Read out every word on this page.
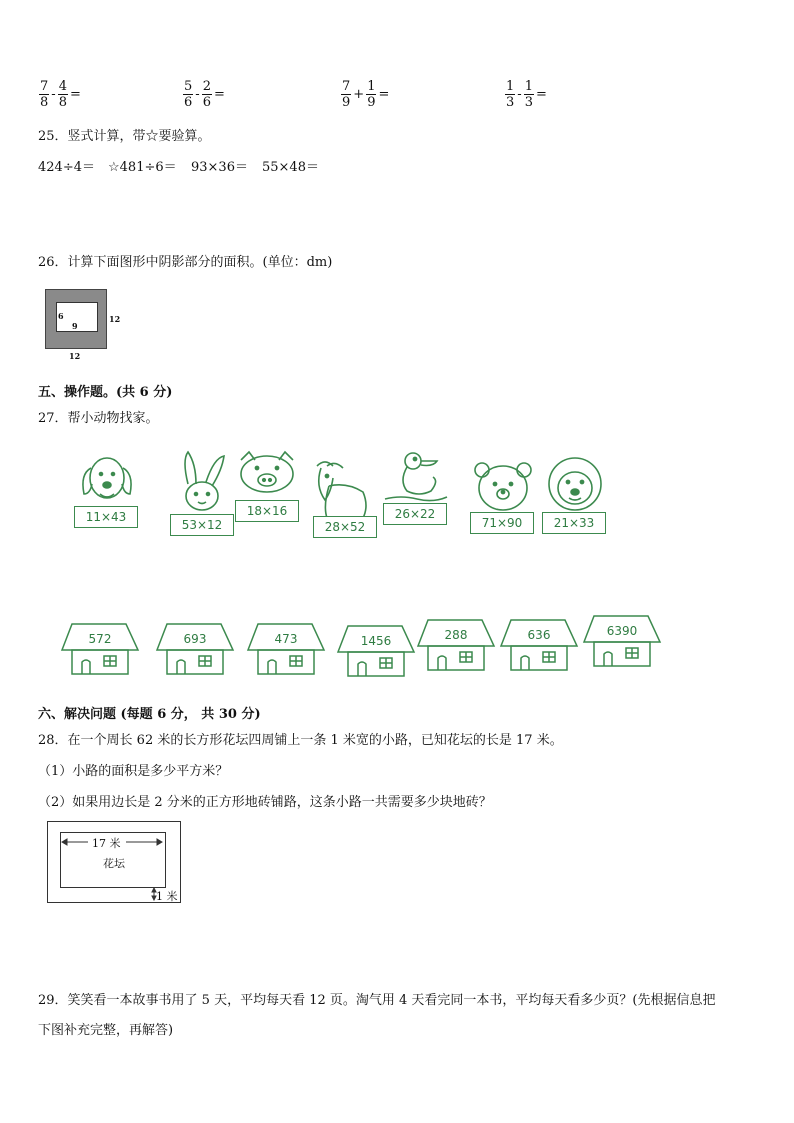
$\frac{7}{8} - \frac{4}{8}$ =	$\frac{5}{6} - \frac{2}{6}$ =	$\frac{7}{9} + \frac{1}{9}$ =	$\frac{1}{3} - \frac{1}{3}$ =
25．竖式计算，带☆要验算。
424÷4＝ ☆481÷6＝ 93×36＝ 55×48＝
26．计算下面图形中阴影部分的面积。(单位：dm)
6
9
12
12
五、操作题。(共 6 分)
27．帮小动物找家。
11×43
53×12
18×16
28×52
26×22
71×90	21×33
572	693	473	1456	288	636	6390
六、解决问题 (每题 6 分， 共 30 分)
28．在一个周长 62 米的长方形花坛四周铺上一条 1 米宽的小路，已知花坛的长是 17 米。
（1）小路的面积是多少平方米？
（2）如果用边长是 2 分米的正方形地砖铺路，这条小路一共需要多少块地砖？
17 米
花坛
1 米
29．笑笑看一本故事书用了 5 天，平均每天看 12 页。淘气用 4 天看完同一本书，平均每天看多少页？(先根据信息把
下图补充完整，再解答)
